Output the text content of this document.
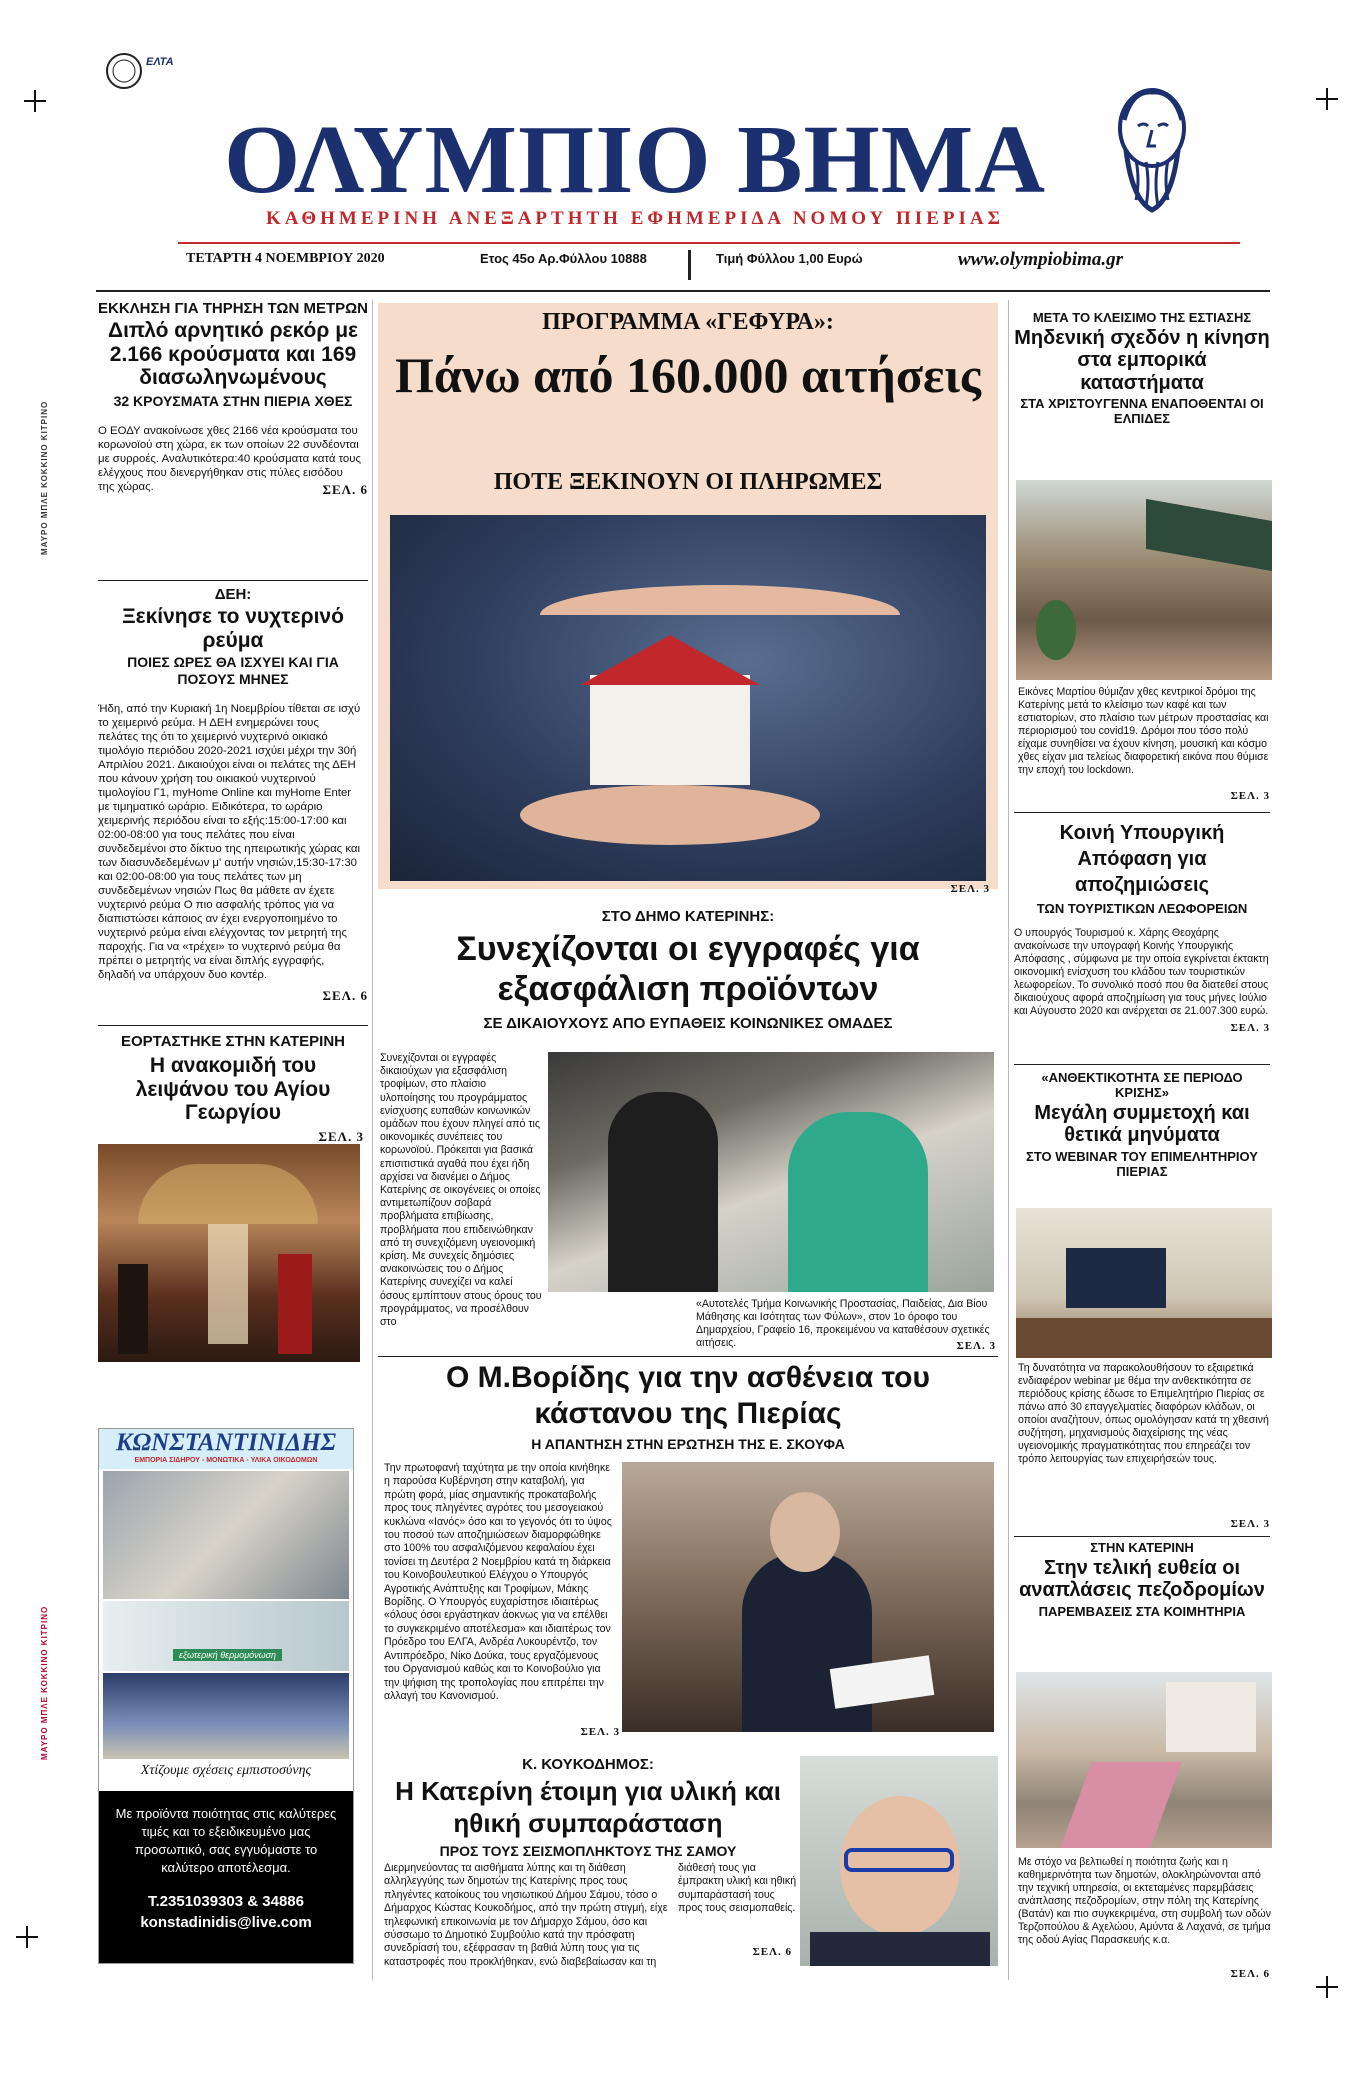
ΜΑΥΡΟ ΜΠΛΕ ΚΟΚΚΙΝΟ ΚΙΤΡΙΝΟ
ΜΑΥΡΟ ΜΠΛΕ ΚΟΚΚΙΝΟ ΚΙΤΡΙΝΟ
ΕΛΤΑ
ΟΛΥΜΠΙΟ ΒΗΜΑ
ΚΑΘΗΜΕΡΙΝΗ ΑΝΕΞΑΡΤΗΤΗ ΕΦΗΜΕΡΙΔΑ ΝΟΜΟΥ ΠΙΕΡΙΑΣ
ΤΕΤΑΡΤΗ 4 ΝΟΕΜΒΡΙΟΥ 2020	Ετος 45ο Αρ.Φύλλου 10888	Τιμή Φύλλου 1,00 Ευρώ	www.olympiobima.gr
ΕΚΚΛΗΣΗ ΓΙΑ ΤΗΡΗΣΗ ΤΩΝ ΜΕΤΡΩΝ
Διπλό αρνητικό ρεκόρ με 2.166 κρούσματα και 169 διασωληνωμένους
32 ΚΡΟΥΣΜΑΤΑ ΣΤΗΝ ΠΙΕΡΙΑ ΧΘΕΣ
Ο ΕΟΔΥ ανακοίνωσε χθες 2166 νέα κρούσματα του κορωνοϊού στη χώρα, εκ των οποίων 22 συνδέονται με συρροές. Αναλυτικότερα:40 κρούσματα κατά τους ελέγχους που διενεργήθηκαν στις πύλες εισόδου της χώρας.	ΣΕΛ. 6
ΔΕΗ:
Ξεκίνησε το νυχτερινό ρεύμα
ΠΟΙΕΣ ΩΡΕΣ ΘΑ ΙΣΧΥΕΙ ΚΑΙ ΓΙΑ ΠΟΣΟΥΣ ΜΗΝΕΣ
Ήδη, από την Κυριακή 1η Νοεμβρίου τίθεται σε ισχύ το χειμερινό ρεύμα. Η ΔΕΗ ενημερώνει τους πελάτες της ότι το χειμερινό νυχτερινό οικιακό τιμολόγιο περιόδου 2020-2021 ισχύει μέχρι την 30ή Απριλίου 2021. Δικαιούχοι είναι οι πελάτες της ΔΕΗ που κάνουν χρήση του οικιακού νυχτερινού τιμολογίου Γ1, myHome Online και myHome Enter με τιμηματικό ωράριο. Ειδικότερα, το ωράριο χειμερινής περιόδου είναι το εξής:15:00-17:00 και 02:00-08:00 για τους πελάτες που είναι συνδεδεμένοι στο δίκτυο της ηπειρωτικής χώρας και των διασυνδεδεμένων μ' αυτήν νησιών,15:30-17:30 και 02:00-08:00 για τους πελάτες των μη συνδεδεμένων νησιών Πως θα μάθετε αν έχετε νυχτερινό ρεύμα Ο πιο ασφαλής τρόπος για να διαπιστώσει κάποιος αν έχει ενεργοποιημένο το νυχτερινό ρεύμα είναι ελέγχοντας τον μετρητή της παροχής. Για να «τρέχει» το νυχτερινό ρεύμα θα πρέπει ο μετρητής να είναι διπλής εγγραφής, δηλαδή να υπάρχουν δυο κοντέρ.
ΣΕΛ. 6
ΕΟΡΤΑΣΤΗΚΕ ΣΤΗΝ ΚΑΤΕΡΙΝΗ
Η ανακομιδή του λειψάνου του Αγίου Γεωργίου
ΣΕΛ. 3
ΚΩΝΣΤΑΝΤΙΝΙΔΗΣ
ΕΜΠΟΡΙΑ ΣΙΔΗΡΟΥ - ΜΟΝΩΤΙΚΑ - ΥΛΙΚΑ ΟΙΚΟΔΟΜΩΝ
εξωτερική θερμομόνωση
Χτίζουμε σχέσεις εμπιστοσύνης
Με προϊόντα ποιότητας στις καλύτερες τιμές και το εξειδικευμένο μας προσωπικό, σας εγγυόμαστε το καλύτερο αποτέλεσμα.
Τ.2351039303 & 34886
konstadinidis@live.com
ΠΡΟΓΡΑΜΜΑ «ΓΕΦΥΡΑ»:
Πάνω από 160.000 αιτήσεις
ΠΟΤΕ ΞΕΚΙΝΟΥΝ ΟΙ ΠΛΗΡΩΜΕΣ
ΣΕΛ. 3
ΣΤΟ ΔΗΜΟ ΚΑΤΕΡΙΝΗΣ:
Συνεχίζονται οι εγγραφές για εξασφάλιση προϊόντων
ΣΕ ΔΙΚΑΙΟΥΧΟΥΣ ΑΠΟ ΕΥΠΑΘΕΙΣ ΚΟΙΝΩΝΙΚΕΣ ΟΜΑΔΕΣ
Συνεχίζονται οι εγγραφές δικαιούχων για εξασφάλιση τροφίμων, στο πλαίσιο υλοποίησης του προγράμματος ενίσχυσης ευπαθών κοινωνικών ομάδων που έχουν πληγεί από τις οικονομικές συνέπειες του κορωνοϊού. Πρόκειται για βασικά επισιτιστικά αγαθά που έχει ήδη αρχίσει να διανέμει ο Δήμος Κατερίνης σε οικογένειες οι οποίες αντιμετωπίζουν σοβαρά προβλήματα επιβίωσης, προβλήματα που επιδεινώθηκαν από τη συνεχιζόμενη υγειονομική κρίση. Με συνεχείς δημόσιες ανακοινώσεις του ο Δήμος Κατερίνης συνεχίζει να καλεί όσους εμπίπτουν στους όρους του προγράμματος, να προσέλθουν στο
«Αυτοτελές Τμήμα Κοινωνικής Προστασίας, Παιδείας, Δια Βίου Μάθησης και Ισότητας των Φύλων», στον 1ο όροφο του Δημαρχείου, Γραφείο 16, προκειμένου να καταθέσουν σχετικές αιτήσεις.	ΣΕΛ. 3
Ο Μ.Βορίδης για την ασθένεια του κάστανου της Πιερίας
Η ΑΠΑΝΤΗΣΗ ΣΤΗΝ ΕΡΩΤΗΣΗ ΤΗΣ Ε. ΣΚΟΥΦΑ
Την πρωτοφανή ταχύτητα με την οποία κινήθηκε η παρούσα Κυβέρνηση στην καταβολή, για πρώτη φορά, μίας σημαντικής προκαταβολής προς τους πληγέντες αγρότες του μεσογειακού κυκλώνα «Ιανός» όσο και το γεγονός ότι το ύψος του ποσού των αποζημιώσεων διαμορφώθηκε στο 100% του ασφαλιζόμενου κεφαλαίου έχει τονίσει τη Δευτέρα 2 Νοεμβρίου κατά τη διάρκεια του Κοινοβουλευτικού Ελέγχου ο Υπουργός Αγροτικής Ανάπτυξης και Τροφίμων, Μάκης Βορίδης. Ο Υπουργός ευχαρίστησε ιδιαιτέρως «όλους όσοι εργάστηκαν άοκνως για να επέλθει το συγκεκριμένο αποτέλεσμα» και ιδιαιτέρως τον Πρόεδρο του ΕΛΓΑ, Ανδρέα Λυκουρέντζο, τον Αντιπρόεδρο, Νίκο Δούκα, τους εργαζόμενους του Οργανισμού καθώς και το Κοινοβούλιο για την ψήφιση της τροπολογίας που επιτρέπει την αλλαγή του Κανονισμού.
ΣΕΛ. 3
Κ. ΚΟΥΚΟΔΗΜΟΣ:
Η Κατερίνη έτοιμη για υλική και ηθική συμπαράσταση
ΠΡΟΣ ΤΟΥΣ ΣΕΙΣΜΟΠΛΗΚΤΟΥΣ ΤΗΣ ΣΑΜΟΥ
Διερμηνεύοντας τα αισθήματα λύπης και τη διάθεση αλληλεγγύης των δημοτών της Κατερίνης προς τους πληγέντες κατοίκους του νησιωτικού Δήμου Σάμου, τόσο ο Δήμαρχος Κώστας Κουκοδήμος, από την πρώτη στιγμή, είχε τηλεφωνική επικοινωνία με τον Δήμαρχο Σάμου, όσο και σύσσωμο το Δημοτικό Συμβούλιο κατά την πρόσφατη συνεδρίασή του, εξέφρασαν τη βαθιά λύπη τους για τις καταστροφές που προκλήθηκαν, ενώ διαβεβαίωσαν και τη
διάθεσή τους για έμπρακτη υλική και ηθική συμπαράστασή τους προς τους σεισμοπαθείς.
ΣΕΛ. 6
ΜΕΤΑ ΤΟ ΚΛΕΙΣΙΜΟ ΤΗΣ ΕΣΤΙΑΣΗΣ
Μηδενική σχεδόν η κίνηση στα εμπορικά καταστήματα
ΣΤΑ ΧΡΙΣΤΟΥΓΕΝΝΑ ΕΝΑΠΟΘΕΝΤΑΙ ΟΙ ΕΛΠΙΔΕΣ
Εικόνες Μαρτίου θύμιζαν χθες κεντρικοί δρόμοι της Κατερίνης μετά το κλείσιμο των καφέ και των εστιατορίων, στο πλαίσιο των μέτρων προστασίας και περιορισμού του covid19. Δρόμοι που τόσο πολύ είχαμε συνηθίσει να έχουν κίνηση, μουσική και κόσμο χθες είχαν μια τελείως διαφορετική εικόνα που θύμισε την εποχή του lockdown.
ΣΕΛ. 3
Κοινή Υπουργική Απόφαση για αποζημιώσεις
ΤΩΝ ΤΟΥΡΙΣΤΙΚΩΝ ΛΕΩΦΟΡΕΙΩΝ
Ο υπουργός Τουρισμού κ. Χάρης Θεοχάρης ανακοίνωσε την υπογραφή Κοινής Υπουργικής Απόφασης , σύμφωνα με την οποία εγκρίνεται έκτακτη οικονομική ενίσχυση του κλάδου των τουριστικών λεωφορείων. Το συνολικό ποσό που θα διατεθεί στους δικαιούχους αφορά αποζημίωση για τους μήνες Ιούλιο και Αύγουστο 2020 και ανέρχεται σε 21.007.300 ευρώ.
ΣΕΛ. 3
«ΑΝΘΕΚΤΙΚΟΤΗΤΑ ΣΕ ΠΕΡΙΟΔΟ ΚΡΙΣΗΣ»
Μεγάλη συμμετοχή και θετικά μηνύματα
ΣΤΟ WEBINAR ΤΟΥ ΕΠΙΜΕΛΗΤΗΡΙΟΥ ΠΙΕΡΙΑΣ
Τη δυνατότητα να παρακολουθήσουν το εξαιρετικά ενδιαφέρον webinar με θέμα την ανθεκτικότητα σε περιόδους κρίσης έδωσε το Επιμελητήριο Πιερίας σε πάνω από 30 επαγγελματίες διαφόρων κλάδων, οι οποίοι αναζήτουν, όπως ομολόγησαν κατά τη χθεσινή συζήτηση, μηχανισμούς διαχείρισης της νέας υγειονομικής πραγματικότητας που επηρεάζει τον τρόπο λειτουργίας των επιχειρήσεών τους.
ΣΕΛ. 3
ΣΤΗΝ ΚΑΤΕΡΙΝΗ
Στην τελική ευθεία οι αναπλάσεις πεζοδρομίων
ΠΑΡΕΜΒΑΣΕΙΣ ΣΤΑ ΚΟΙΜΗΤΗΡΙΑ
Με στόχο να βελτιωθεί η ποιότητα ζωής και η καθημερινότητα των δημοτών, ολοκληρώνονται από την τεχνική υπηρεσία, οι εκτεταμένες παρεμβάσεις ανάπλασης πεζοδρομίων, στην πόλη της Κατερίνης (Βατάν) και πιο συγκεκριμένα, στη συμβολή των οδών Τερζοπούλου & Αχελώου, Αμύντα & Λαχανά, σε τμήμα της οδού Αγίας Παρασκευής κ.α.
ΣΕΛ. 6
